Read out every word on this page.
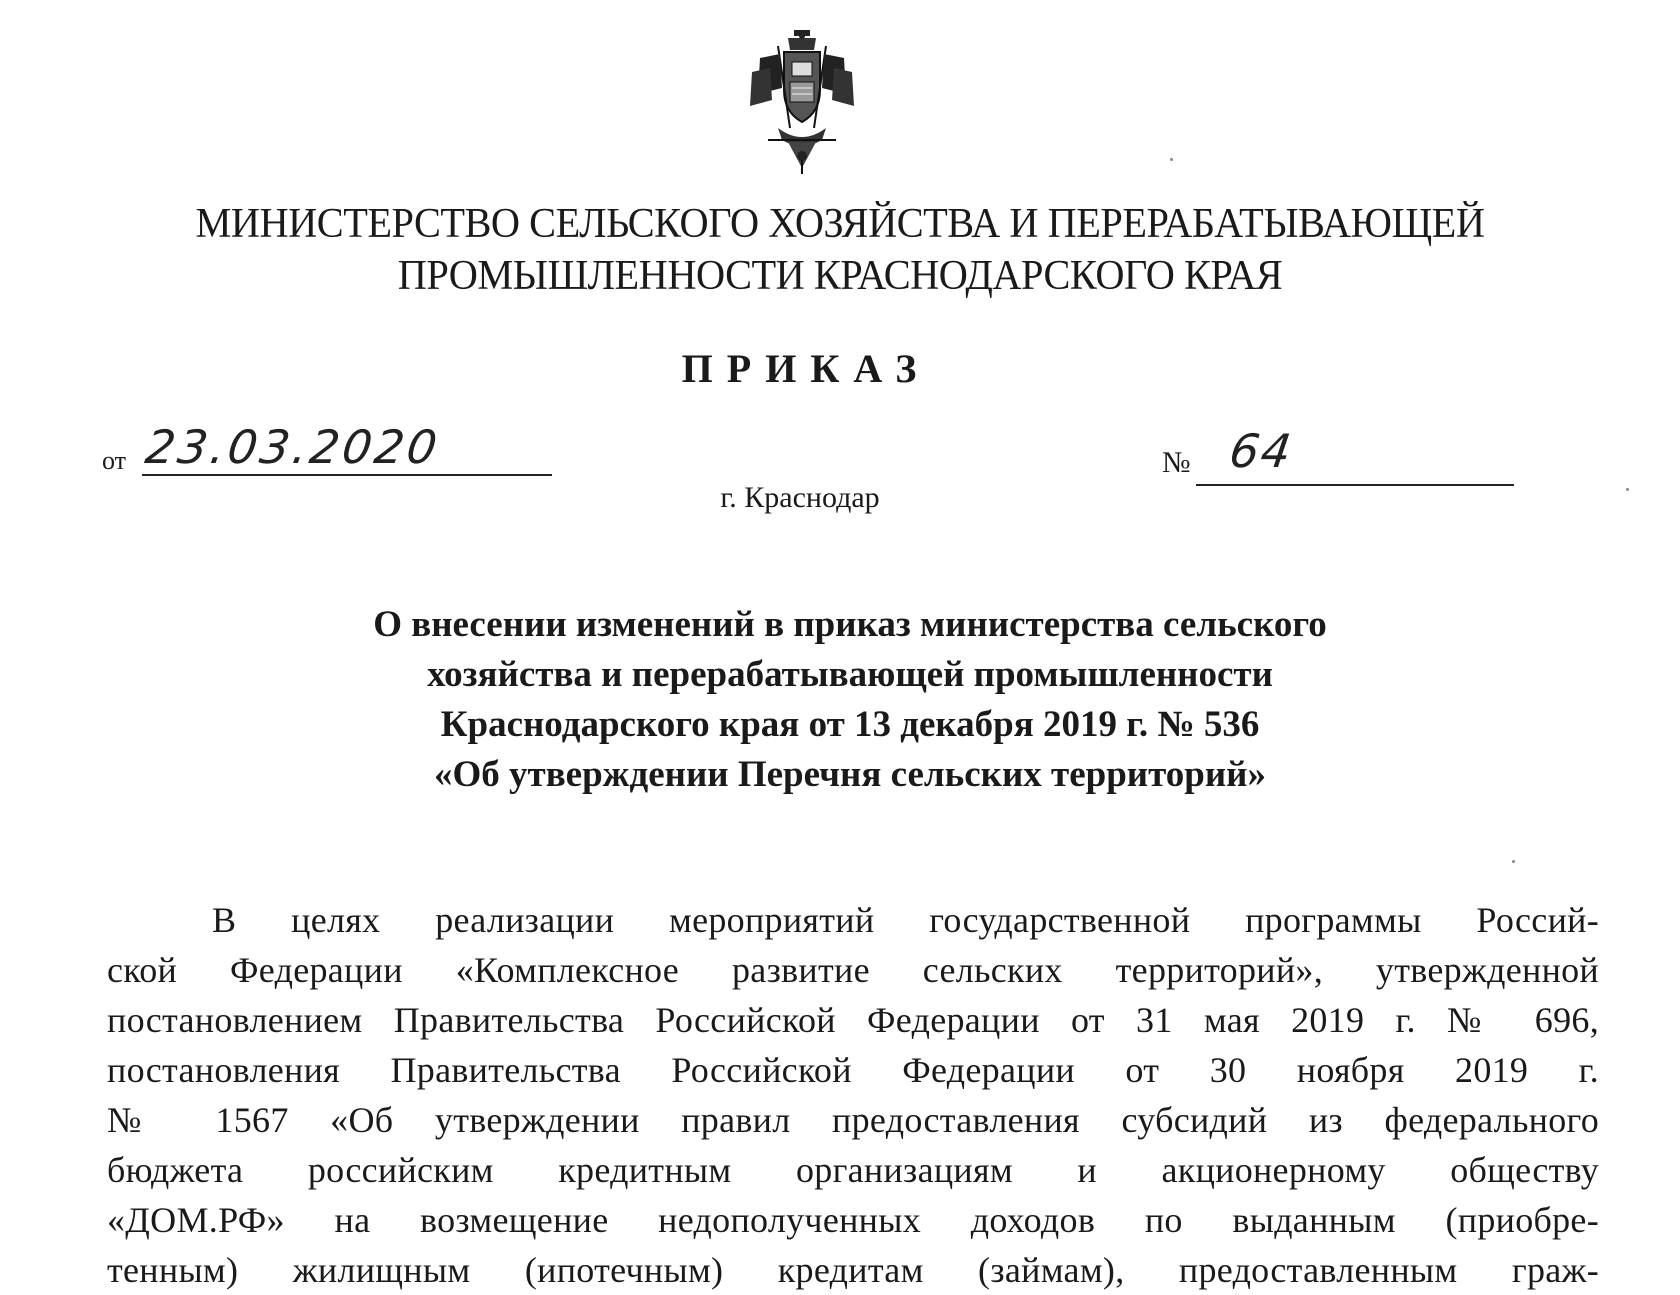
МИНИСТЕРСТВО СЕЛЬСКОГО ХОЗЯЙСТВА И ПЕРЕРАБАТЫВАЮЩЕЙ
ПРОМЫШЛЕННОСТИ КРАСНОДАРСКОГО КРАЯ
ПРИКАЗ
от 23.03.2020	№ 64
г. Краснодар
О внесении изменений в приказ министерства сельского
хозяйства и перерабатывающей промышленности
Краснодарского края от 13 декабря 2019 г. № 536
«Об утверждении Перечня сельских территорий»
В целях реализации мероприятий государственной программы Россий-
ской Федерации «Комплексное развитие сельских территорий», утвержденной
постановлением Правительства Российской Федерации от 31 мая 2019 г. № 696,
постановления Правительства Российской Федерации от 30 ноября 2019 г.
№ 1567 «Об утверждении правил предоставления субсидий из федерального
бюджета российским кредитным организациям и акционерному обществу
«ДОМ.РФ» на возмещение недополученных доходов по выданным (приобре-
тенным) жилищным (ипотечным) кредитам (займам), предоставленным граж-
